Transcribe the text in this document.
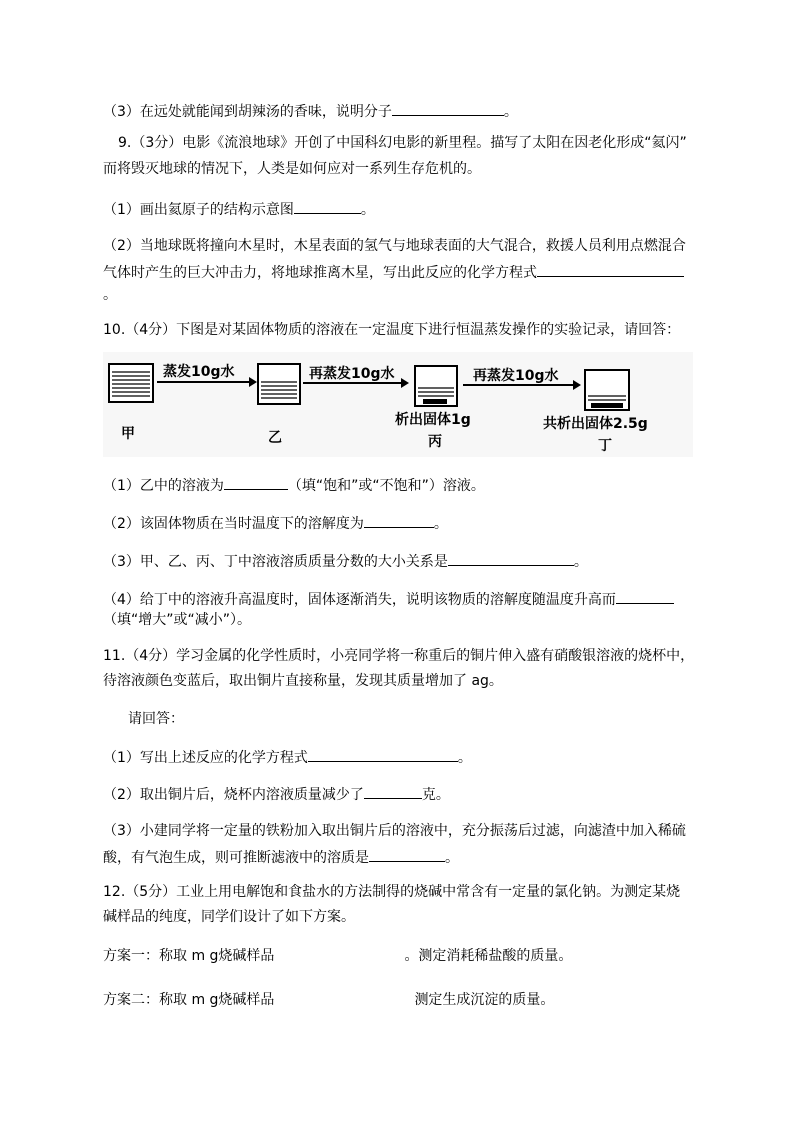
（3）在远处就能闻到胡辣汤的香味，说明分子	。
9.（3分）电影《流浪地球》开创了中国科幻电影的新里程。描写了太阳在因老化形成“氦闪”
而将毁灭地球的情况下，人类是如何应对一系列生存危机的。
（1）画出氦原子的结构示意图	。
（2）当地球既将撞向木星时，木星表面的氢气与地球表面的大气混合，救援人员利用点燃混合
气体时产生的巨大冲击力，将地球推离木星，写出此反应的化学方程式
。
10.（4分）下图是对某固体物质的溶液在一定温度下进行恒温蒸发操作的实验记录，请回答：
蒸发10g水	再蒸发10g水	再蒸发10g水
析出固体1g	共析出固体2.5g
甲	乙	丙	丁
（1）乙中的溶液为	（填“饱和”或“不饱和”）溶液。
（2）该固体物质在当时温度下的溶解度为	。
（3）甲、乙、丙、丁中溶液溶质质量分数的大小关系是	。
（4）给丁中的溶液升高温度时，固体逐渐消失，说明该物质的溶解度随温度升高而
（填“增大”或“减小”）。
11.（4分）学习金属的化学性质时，小亮同学将一称重后的铜片伸入盛有硝酸银溶液的烧杯中，
待溶液颜色变蓝后，取出铜片直接称量，发现其质量增加了 ag。
请回答：
（1）写出上述反应的化学方程式	。
（2）取出铜片后，烧杯内溶液质量减少了	克。
（3）小建同学将一定量的铁粉加入取出铜片后的溶液中，充分振荡后过滤，向滤渣中加入稀硫
酸，有气泡生成，则可推断滤液中的溶质是	。
12.（5分）工业上用电解饱和食盐水的方法制得的烧碱中常含有一定量的氯化钠。为测定某烧
碱样品的纯度，同学们设计了如下方案。
方案一：称取 m g烧碱样品	。测定消耗稀盐酸的质量。
方案二：称取 m g烧碱样品	测定生成沉淀的质量。
